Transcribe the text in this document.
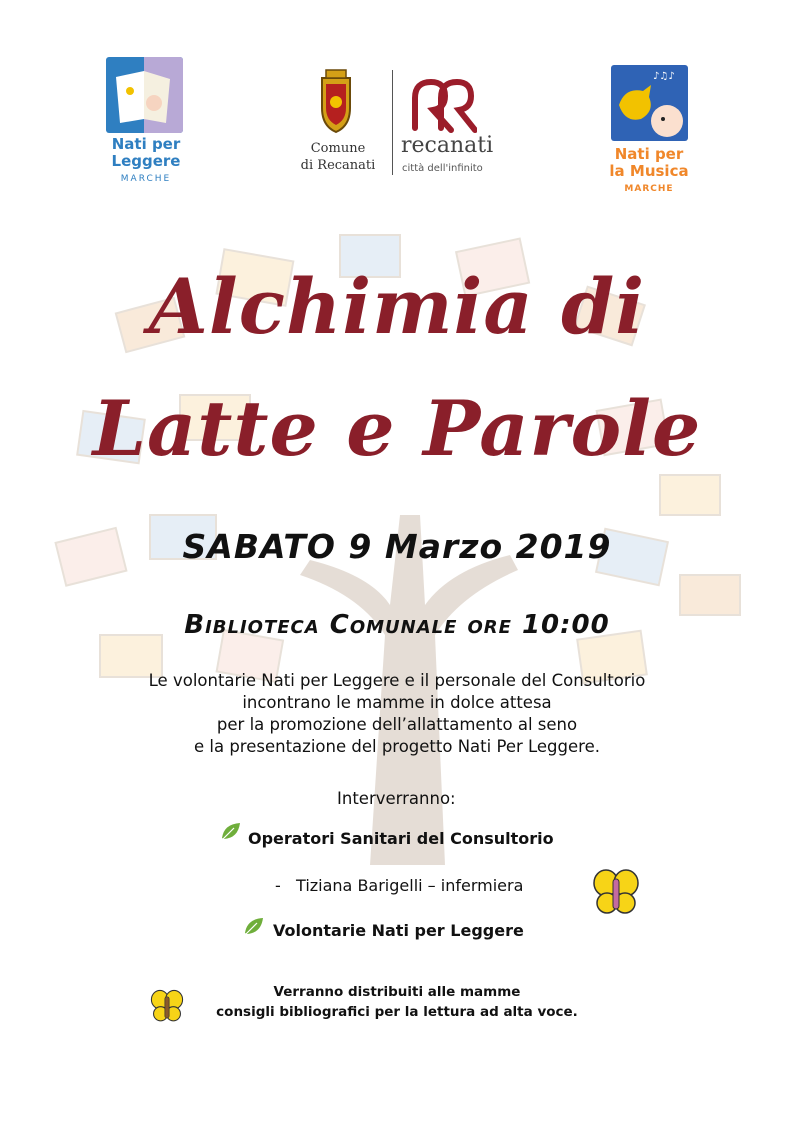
Nati per
Leggere
MARCHE
Comune
di Recanati
recanati
città dell'infinito
♪♫♪
Nati per
la Musica
MARCHE
Alchimia di
Latte e Parole
SABATO 9 Marzo 2019
Biblioteca Comunale ore 10:00
Le volontarie Nati per Leggere e il personale del Consultorio
incontrano le mamme in dolce attesa
per la promozione dell’allattamento al seno
e la presentazione del progetto Nati Per Leggere.
Interverranno:
Operatori Sanitari del Consultorio
-   Tiziana Barigelli – infermiera
Volontarie Nati per Leggere
Verranno distribuiti alle mamme
consigli bibliografici per la lettura ad alta voce.
